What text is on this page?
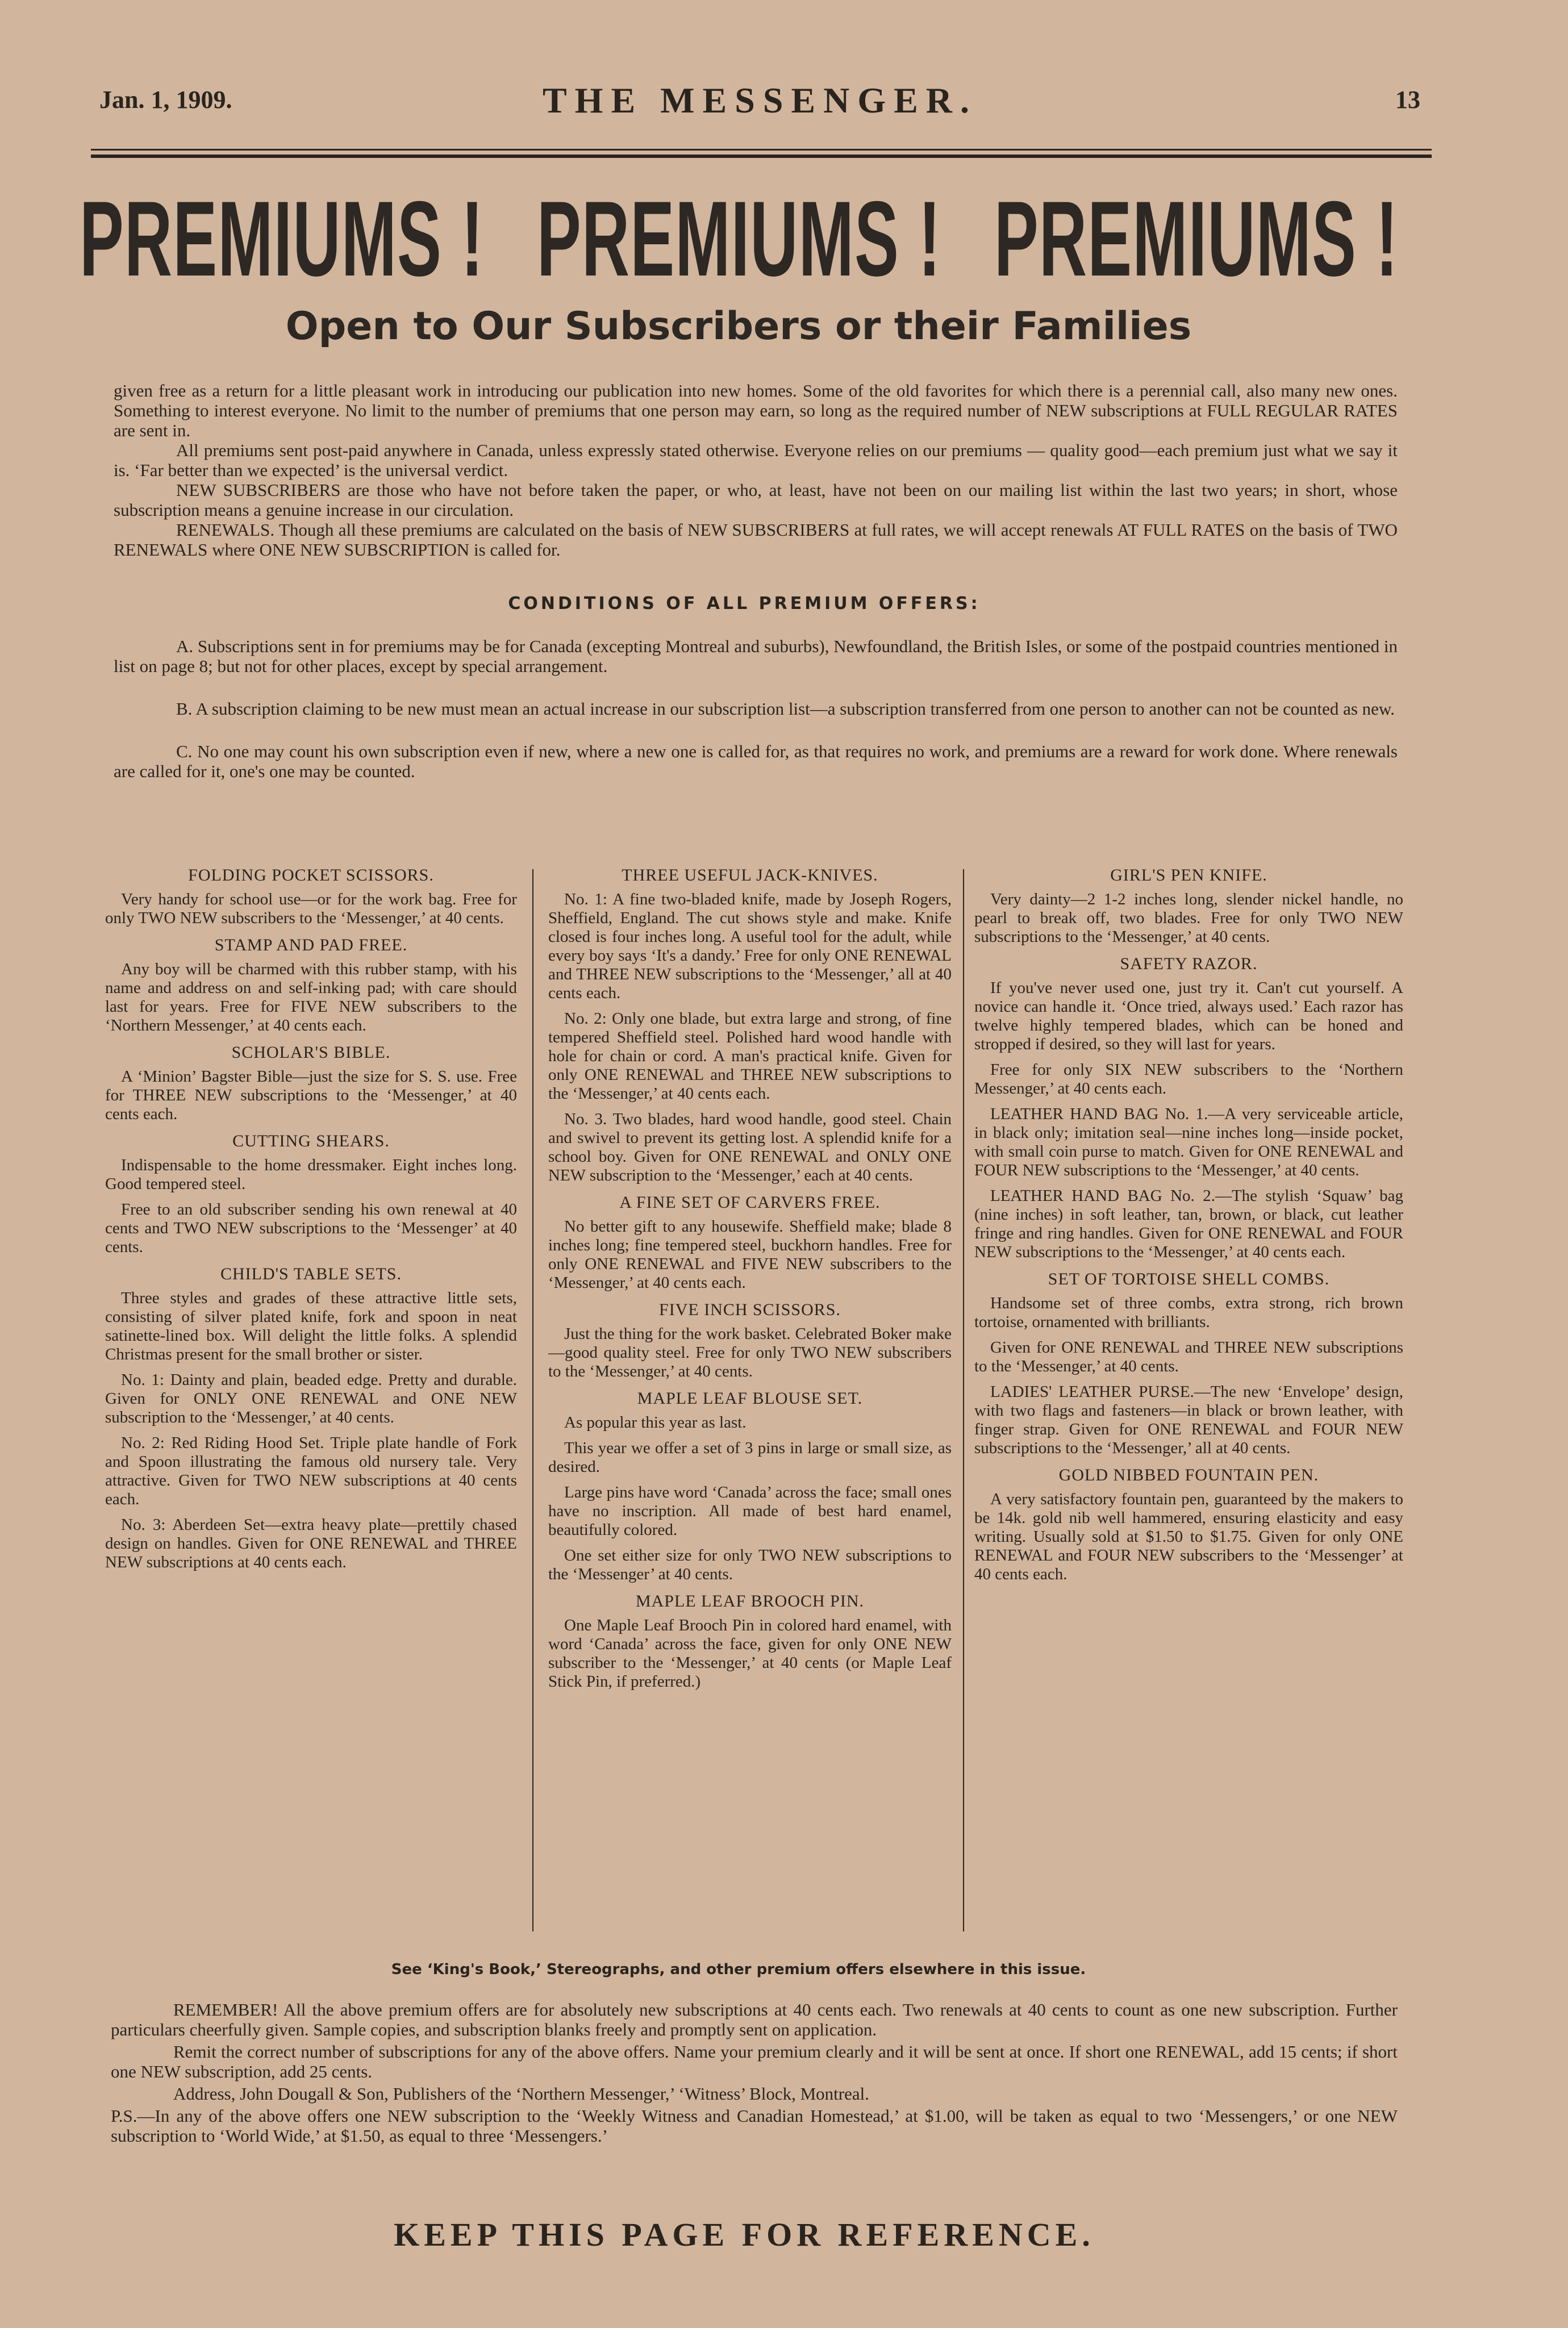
Jan. 1, 1909.	THE MESSENGER.	13
PREMIUMS ! PREMIUMS ! PREMIUMS !
Open to Our Subscribers or their Families

given free as a return for a little pleasant work in introducing our publication into new homes. Some of the old favorites for which there is a perennial call, also many new ones. Something to interest everyone. No limit to the number of premiums that one person may earn, so long as the required number of NEW subscriptions at FULL REGULAR RATES are sent in.

All premiums sent post-paid anywhere in Canada, unless expressly stated otherwise. Everyone relies on our premiums — quality good—each premium just what we say it is. ‘Far better than we expected’ is the universal verdict.

NEW SUBSCRIBERS are those who have not before taken the paper, or who, at least, have not been on our mailing list within the last two years; in short, whose subscription means a genuine increase in our circulation.

RENEWALS. Though all these premiums are calculated on the basis of NEW SUBSCRIBERS at full rates, we will accept renewals AT FULL RATES on the basis of TWO RENEWALS where ONE NEW SUBSCRIPTION is called for.

CONDITIONS OF ALL PREMIUM OFFERS:

A. Subscriptions sent in for premiums may be for Canada (excepting Montreal and suburbs), Newfoundland, the British Isles, or some of the postpaid countries mentioned in list on page 8; but not for other places, except by special arrangement.

B. A subscription claiming to be new must mean an actual increase in our subscription list—a subscription transferred from one person to another can not be counted as new.

C. No one may count his own subscription even if new, where a new one is called for, as that requires no work, and premiums are a reward for work done. Where renewals are called for it, one's one may be counted.

FOLDING POCKET SCISSORS.

Very handy for school use—or for the work bag. Free for only TWO NEW subscribers to the ‘Messenger,’ at 40 cents.

STAMP AND PAD FREE.

Any boy will be charmed with this rubber stamp, with his name and address on and self-inking pad; with care should last for years. Free for FIVE NEW subscribers to the ‘Northern Messenger,’ at 40 cents each.

SCHOLAR'S BIBLE.

A ‘Minion’ Bagster Bible—just the size for S. S. use. Free for THREE NEW subscriptions to the ‘Messenger,’ at 40 cents each.

CUTTING SHEARS.

Indispensable to the home dressmaker. Eight inches long. Good tempered steel.

Free to an old subscriber sending his own renewal at 40 cents and TWO NEW subscriptions to the ‘Messenger’ at 40 cents.

CHILD'S TABLE SETS.

Three styles and grades of these attractive little sets, consisting of silver plated knife, fork and spoon in neat satinette-lined box. Will delight the little folks. A splendid Christmas present for the small brother or sister.

No. 1: Dainty and plain, beaded edge. Pretty and durable. Given for ONLY ONE RENEWAL and ONE NEW subscription to the ‘Messenger,’ at 40 cents.

No. 2: Red Riding Hood Set. Triple plate handle of Fork and Spoon illustrating the famous old nursery tale. Very attractive. Given for TWO NEW subscriptions at 40 cents each.

No. 3: Aberdeen Set—extra heavy plate—prettily chased design on handles. Given for ONE RENEWAL and THREE NEW subscriptions at 40 cents each.

THREE USEFUL JACK-KNIVES.

No. 1: A fine two-bladed knife, made by Joseph Rogers, Sheffield, England. The cut shows style and make. Knife closed is four inches long. A useful tool for the adult, while every boy says ‘It's a dandy.’ Free for only ONE RENEWAL and THREE NEW subscriptions to the ‘Messenger,’ all at 40 cents each.

No. 2: Only one blade, but extra large and strong, of fine tempered Sheffield steel. Polished hard wood handle with hole for chain or cord. A man's practical knife. Given for only ONE RENEWAL and THREE NEW subscriptions to the ‘Messenger,’ at 40 cents each.

No. 3. Two blades, hard wood handle, good steel. Chain and swivel to prevent its getting lost. A splendid knife for a school boy. Given for ONE RENEWAL and ONLY ONE NEW subscription to the ‘Messenger,’ each at 40 cents.

A FINE SET OF CARVERS FREE.

No better gift to any housewife. Sheffield make; blade 8 inches long; fine tempered steel, buckhorn handles. Free for only ONE RENEWAL and FIVE NEW subscribers to the ‘Messenger,’ at 40 cents each.

FIVE INCH SCISSORS.

Just the thing for the work basket. Celebrated Boker make—good quality steel. Free for only TWO NEW subscribers to the ‘Messenger,’ at 40 cents.

MAPLE LEAF BLOUSE SET.

As popular this year as last.

This year we offer a set of 3 pins in large or small size, as desired.

Large pins have word ‘Canada’ across the face; small ones have no inscription. All made of best hard enamel, beautifully colored.

One set either size for only TWO NEW subscriptions to the ‘Messenger’ at 40 cents.

MAPLE LEAF BROOCH PIN.

One Maple Leaf Brooch Pin in colored hard enamel, with word ‘Canada’ across the face, given for only ONE NEW subscriber to the ‘Messenger,’ at 40 cents (or Maple Leaf Stick Pin, if preferred.)

GIRL'S PEN KNIFE.

Very dainty—2 1-2 inches long, slender nickel handle, no pearl to break off, two blades. Free for only TWO NEW subscriptions to the ‘Messenger,’ at 40 cents.

SAFETY RAZOR.

If you've never used one, just try it. Can't cut yourself. A novice can handle it. ‘Once tried, always used.’ Each razor has twelve highly tempered blades, which can be honed and stropped if desired, so they will last for years.

Free for only SIX NEW subscribers to the ‘Northern Messenger,’ at 40 cents each.

LEATHER HAND BAG No. 1.—A very serviceable article, in black only; imitation seal—nine inches long—inside pocket, with small coin purse to match. Given for ONE RENEWAL and FOUR NEW subscriptions to the ‘Messenger,’ at 40 cents.

LEATHER HAND BAG No. 2.—The stylish ‘Squaw’ bag (nine inches) in soft leather, tan, brown, or black, cut leather fringe and ring handles. Given for ONE RENEWAL and FOUR NEW subscriptions to the ‘Messenger,’ at 40 cents each.

SET OF TORTOISE SHELL COMBS.

Handsome set of three combs, extra strong, rich brown tortoise, ornamented with brilliants.

Given for ONE RENEWAL and THREE NEW subscriptions to the ‘Messenger,’ at 40 cents.

LADIES' LEATHER PURSE.—The new ‘Envelope’ design, with two flags and fasteners—in black or brown leather, with finger strap. Given for ONE RENEWAL and FOUR NEW subscriptions to the ‘Messenger,’ all at 40 cents.

GOLD NIBBED FOUNTAIN PEN.

A very satisfactory fountain pen, guaranteed by the makers to be 14k. gold nib well hammered, ensuring elasticity and easy writing. Usually sold at $1.50 to $1.75. Given for only ONE RENEWAL and FOUR NEW subscribers to the ‘Messenger’ at 40 cents each.

See ‘King's Book,’ Stereographs, and other premium offers elsewhere in this issue.

REMEMBER! All the above premium offers are for absolutely new subscriptions at 40 cents each. Two renewals at 40 cents to count as one new subscription. Further particulars cheerfully given. Sample copies, and subscription blanks freely and promptly sent on application.

Remit the correct number of subscriptions for any of the above offers. Name your premium clearly and it will be sent at once. If short one RENEWAL, add 15 cents; if short one NEW subscription, add 25 cents.

Address, John Dougall & Son, Publishers of the ‘Northern Messenger,’ ‘Witness’ Block, Montreal.

P.S.—In any of the above offers one NEW subscription to the ‘Weekly Witness and Canadian Homestead,’ at $1.00, will be taken as equal to two ‘Messengers,’ or one NEW subscription to ‘World Wide,’ at $1.50, as equal to three ‘Messengers.’

KEEP THIS PAGE FOR REFERENCE.
